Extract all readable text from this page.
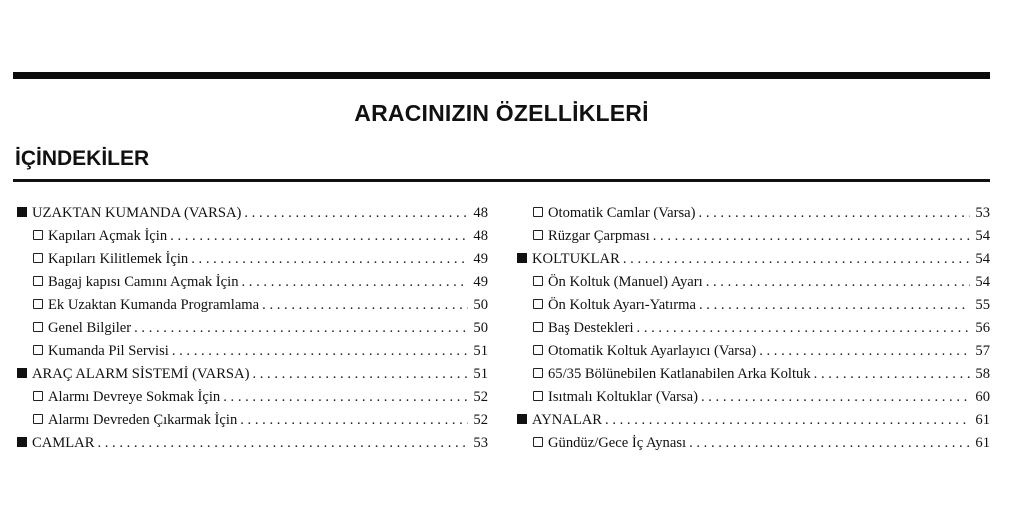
ARACINIZIN ÖZELLİKLERİ
İÇİNDEKİLER
UZAKTAN KUMANDA (VARSA) . . .	48
Kapıları Açmak İçin . . .	48
Kapıları Kilitlemek İçin . . .	49
Bagaj kapısı Camını Açmak İçin . . .	49
Ek Uzaktan Kumanda Programlama . . .	50
Genel Bilgiler . . .	50
Kumanda Pil Servisi . . .	51
ARAÇ ALARM SİSTEMİ (VARSA) . . .	51
Alarmı Devreye Sokmak İçin . . .	52
Alarmı Devreden Çıkarmak İçin . . .	52
CAMLAR . . .	53
Otomatik Camlar (Varsa) . . .	53
Rüzgar Çarpması . . .	54
KOLTUKLAR . . .	54
Ön Koltuk (Manuel) Ayarı . . .	54
Ön Koltuk Ayarı-Yatırma . . .	55
Baş Destekleri . . .	56
Otomatik Koltuk Ayarlayıcı (Varsa) . . .	57
65/35 Bölünebilen Katlanabilen Arka Koltuk . . .	58
Isıtmalı Koltuklar (Varsa) . . .	60
AYNALAR . . .	61
Gündüz/Gece İç Aynası . . .	61
